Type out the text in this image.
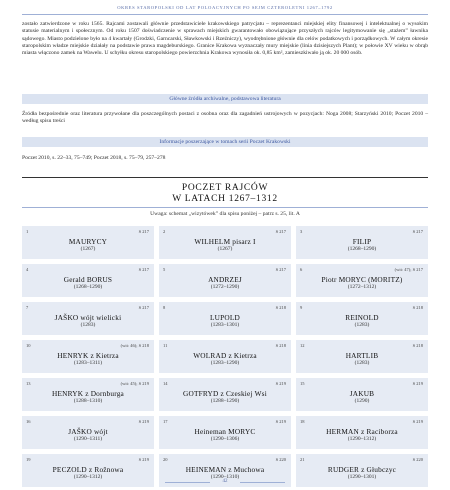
OKRES STAROPOLSKI OD LAT POLOACYJNYCH PO SEJM CZTEROLETNI 1267–1792
zostało zatwierdzone w roku 1565. Rajcami zostawali głównie przedstawiciele krakowskiego patrycjatu – reprezentanci miejskiej elity finansowej i intelektualnej o wysokim statusie materialnym i społecznym. Od roku 1507 doświadczenie w sprawach miejskich gwarantowało obowiązujące przyszłych rajców legitymowanie się „stażem” ławnika sądowego. Miasto podzielone było na 4 kwartały (Grodzki, Garncarski, Sławkowski i Rzeźniczy), wyodrębnione głównie dla celów podatkowych i porządkowych. W całym okresie staropolskim władze miejskie działały na podstawie prawa magdeburskiego. Granice Krakowa wyznaczały mury miejskie (linia dzisiejszych Plant); w połowie XV wieku w obrąb miasta włączono zamek na Wawelu. U schyłku okresu staropolskiego powierzchnia Krakowa wynosiła ok. 0,85 km², zamieszkiwało ją ok. 20 000 osób.
Główne źródła archiwalne, podstawowa literatura
Źródła bezpośrednie oraz literatura przywołane dla poszczególnych postaci z osobna oraz dla zagadnień ustrojowych w pozycjach: Noga 2008; Starzyński 2010; Poczet 2010 – według spisu treści
Informacje poszerzające w tomach serii Poczet Krakowski
Poczet 2010, s. 22–33, 75–749; Poczet 2018, s. 75–79, 257–278
POCZET RAJCÓW
W LATACH 1267–1312
Uwaga: schemat „wizytówek” dla spisu poniżej – patrz s. 25, lit. A
1	S 217
MAURYCY
(1267)
2	S 217
WILHELM pisarz I
(1267)
3	S 217
FILIP
(1268–1290)
4	S 217
Gerald BORUS
(1268–1290)
5	S 217
ANDRZEJ
(1272–1290)
6	(wit: 47); S 217
Piotr MORYC (MORITZ)
(1272–1312)
7	S 217
JAŠKO wójt wielicki
(1283)
8	S 218
LUPOLD
(1283–1301)
9	S 218
REINOLD
(1283)
10	(wit: 46); S 218
HENRYK z Kietrza
(1283–1311)
11	S 218
WOLRAD z Kietrza
(1283–1290)
12	S 218
HARTLIB
(1283)
13	(wit: 45); S 219
HENRYK z Dornburga
(1288–1310)
14	S 219
GOTFRYD z Czeskiej Wsi
(1288–1290)
15	S 219
JAKUB
(1290)
16	S 219
JAŠKO wójt
(1290–1311)
17	S 219
Heineman MORYC
(1290–1306)
18	S 219
HERMAN z Raciborza
(1290–1312)
19	S 219
PECZOLD z Rožnowa
(1290–1312)
20	S 220
HEINEMAN z Muchowa
(1290–1310)
21	S 220
RUDGER z Głubczyc
(1290–1301)
42
